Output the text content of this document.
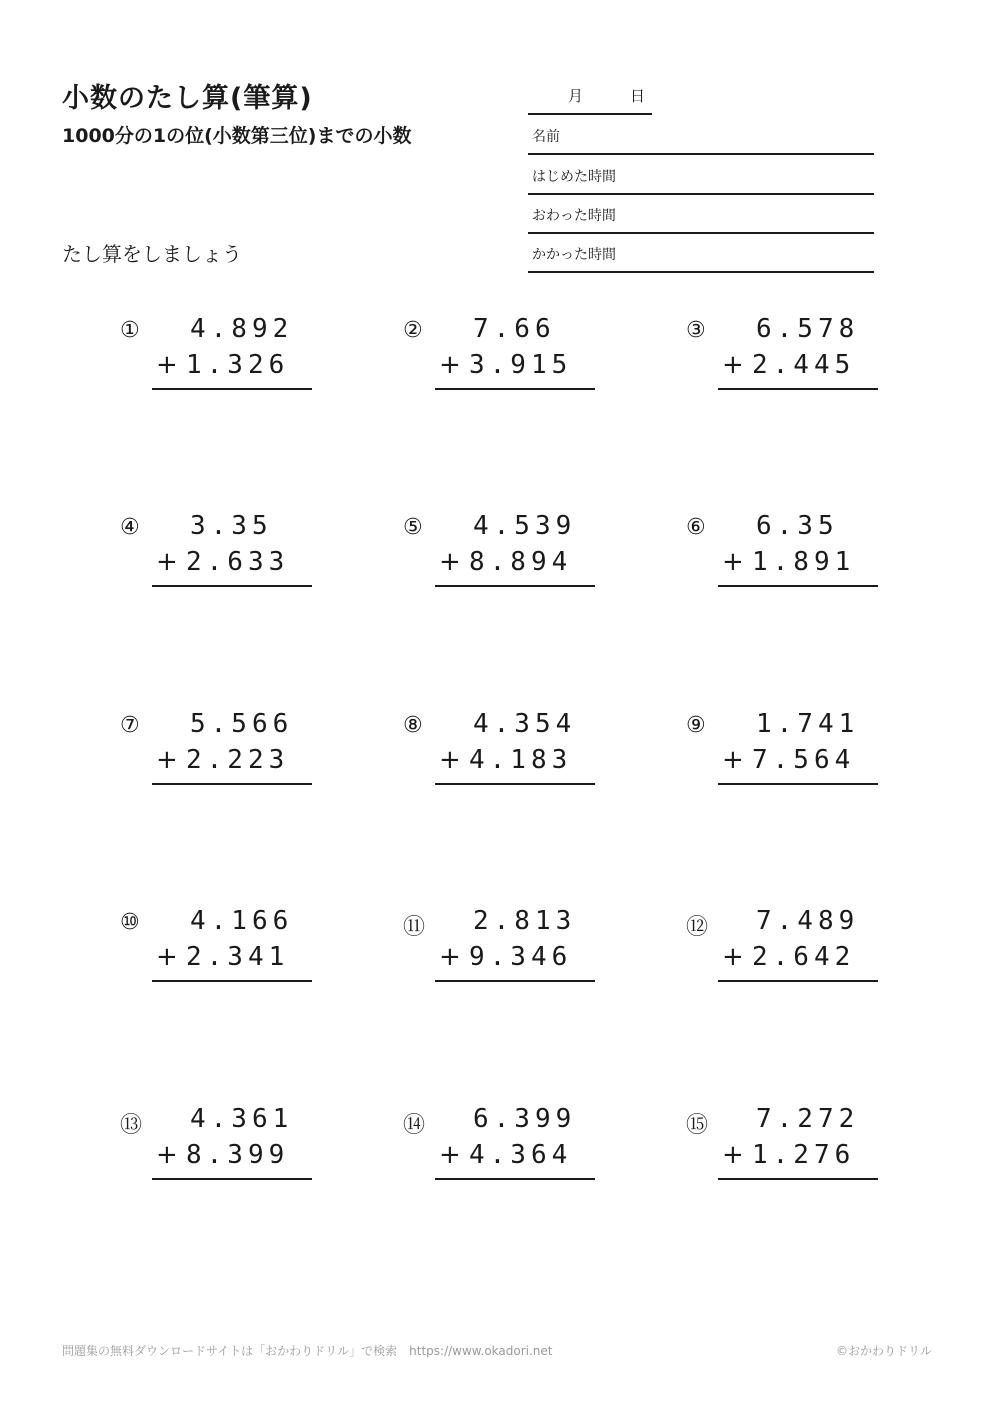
小数のたし算(筆算)
1000分の1の位(小数第三位)までの小数
たし算をしましょう
月	日
名前
はじめた時間
おわった時間
かかった時間
① 4.892
+ 1.326
② 7.66
+ 3.915
③ 6.578
+ 2.445
④ 3.35
+ 2.633
⑤ 4.539
+ 8.894
⑥ 6.35
+ 1.891
⑦ 5.566
+ 2.223
⑧ 4.354
+ 4.183
⑨ 1.741
+ 7.564
⑩ 4.166
+ 2.341
⑪ 2.813
+ 9.346
⑫ 7.489
+ 2.642
⑬ 4.361
+ 8.399
⑭ 6.399
+ 4.364
⑮ 7.272
+ 1.276
問題集の無料ダウンロードサイトは「おかわりドリル」で検索　https://www.okadori.net	©おかわりドリル
